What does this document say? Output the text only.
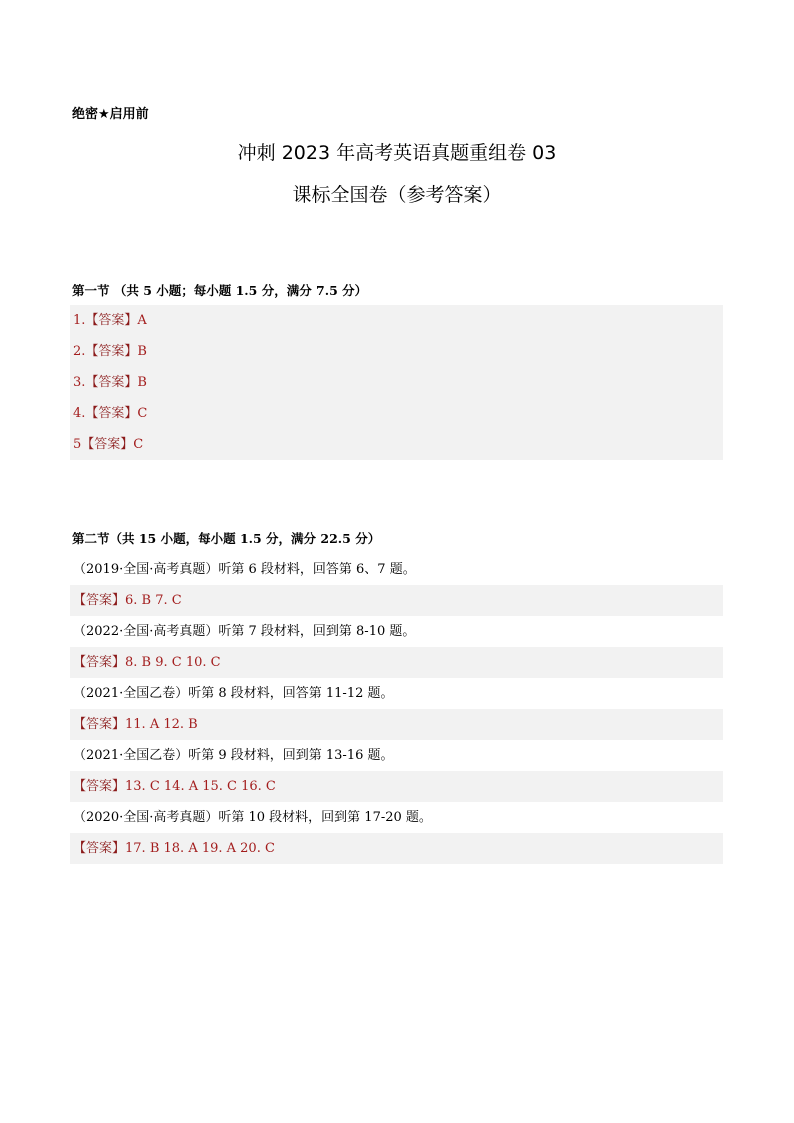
绝密★启用前
冲刺 2023 年高考英语真题重组卷 03
课标全国卷（参考答案）
第一节 （共 5 小题；每小题 1.5 分，满分 7.5 分）
1.【答案】A
2.【答案】B
3.【答案】B
4.【答案】C
5【答案】C
第二节（共 15 小题，每小题 1.5 分，满分 22.5 分）
（2019·全国·高考真题）听第 6 段材料，回答第 6、7 题。
【答案】6. B 7. C
（2022·全国·高考真题）听第 7 段材料，回到第 8-10 题。
【答案】8. B 9. C 10. C
（2021·全国乙卷）听第 8 段材料，回答第 11-12 题。
【答案】11. A 12. B
（2021·全国乙卷）听第 9 段材料，回到第 13-16 题。
【答案】13. C 14. A 15. C 16. C
（2020·全国·高考真题）听第 10 段材料，回到第 17-20 题。
【答案】17. B 18. A 19. A 20. C
